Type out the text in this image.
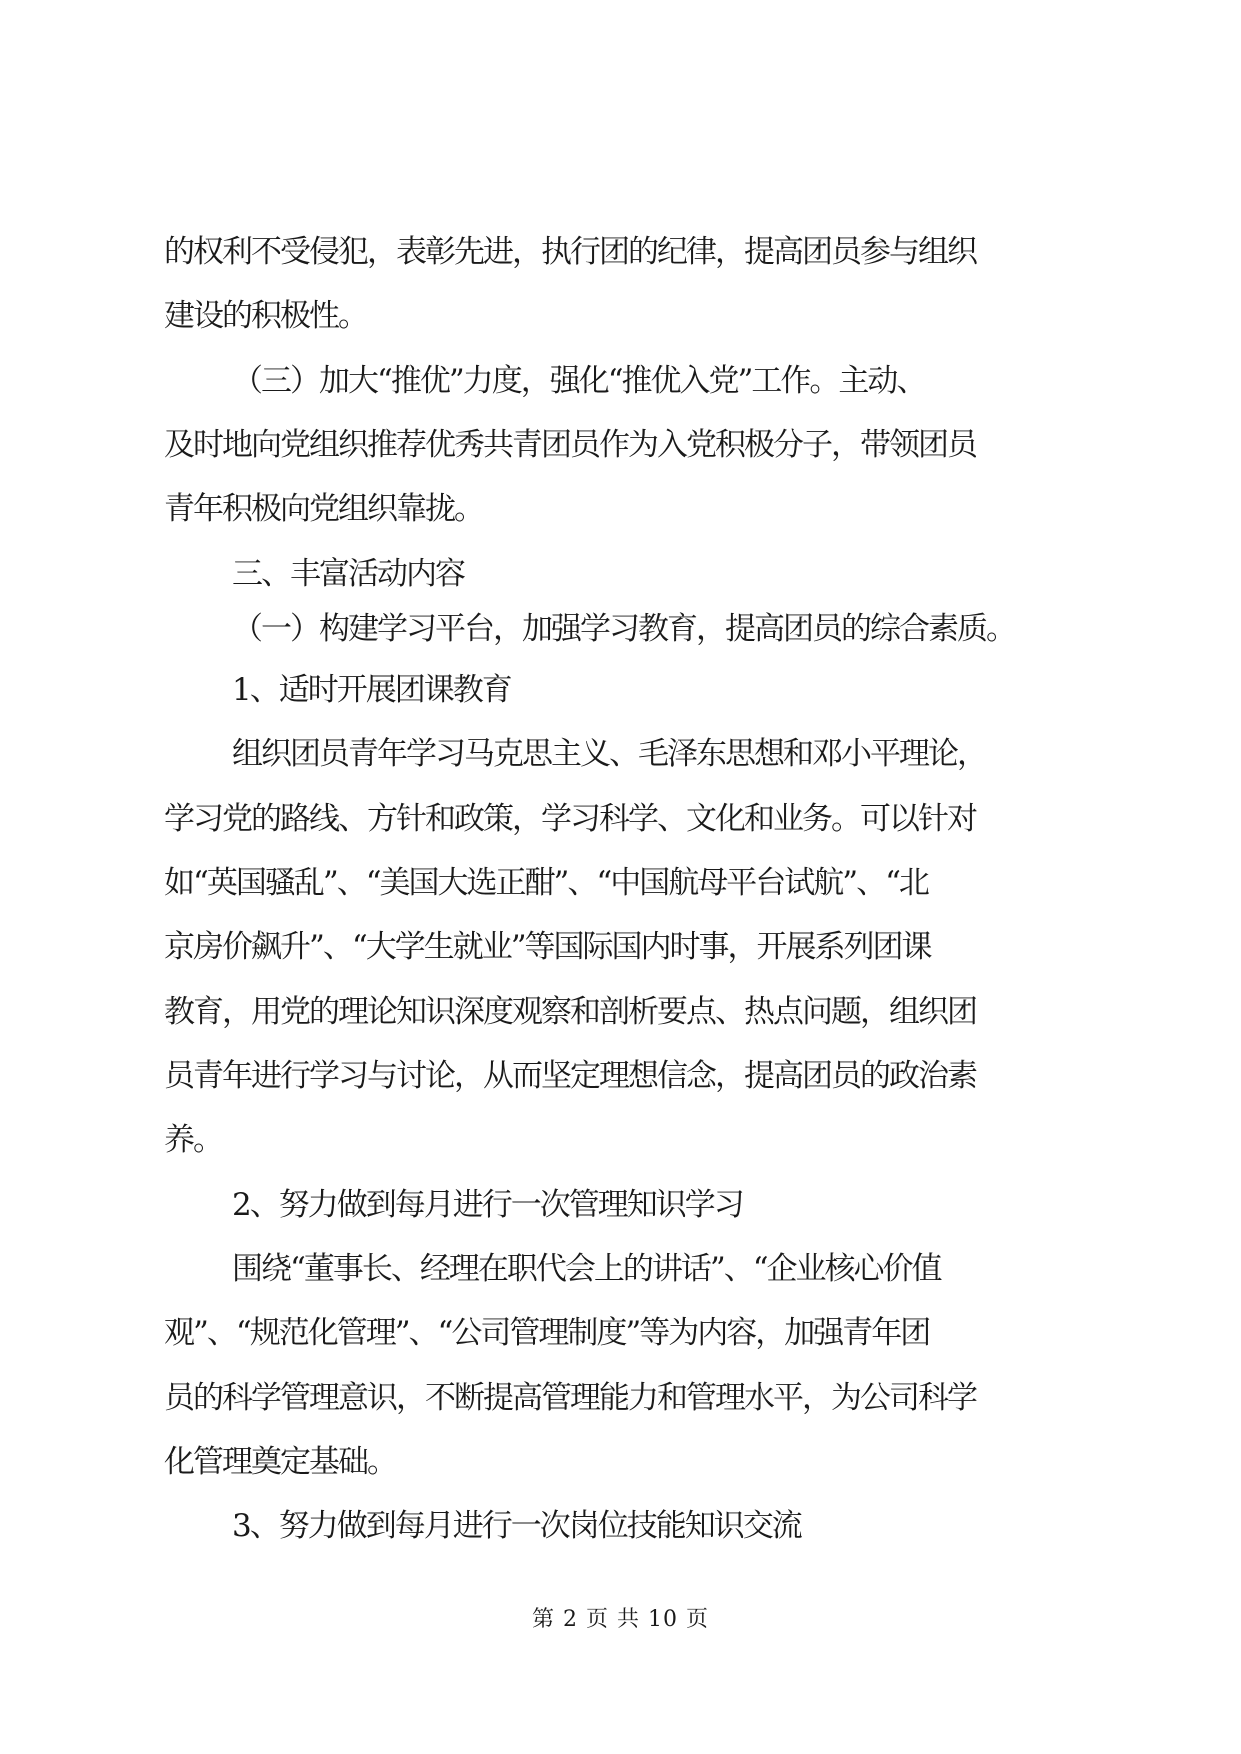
的权利不受侵犯，表彰先进，执行团的纪律，提高团员参与组织
建设的积极性。
（三）加大“推优”力度，强化“推优入党”工作。主动、
及时地向党组织推荐优秀共青团员作为入党积极分子，带领团员
青年积极向党组织靠拢。
三、丰富活动内容
（一）构建学习平台，加强学习教育，提高团员的综合素质。
1、适时开展团课教育
组织团员青年学习马克思主义、毛泽东思想和邓小平理论，
学习党的路线、方针和政策，学习科学、文化和业务。可以针对
如“英国骚乱”、“美国大选正酣”、“中国航母平台试航”、“北
京房价飙升”、“大学生就业”等国际国内时事，开展系列团课
教育，用党的理论知识深度观察和剖析要点、热点问题，组织团
员青年进行学习与讨论，从而坚定理想信念，提高团员的政治素
养。
2、努力做到每月进行一次管理知识学习
围绕“董事长、经理在职代会上的讲话”、“企业核心价值
观”、“规范化管理”、“公司管理制度”等为内容，加强青年团
员的科学管理意识，不断提高管理能力和管理水平，为公司科学
化管理奠定基础。
3、努力做到每月进行一次岗位技能知识交流
第 2 页 共 10 页
